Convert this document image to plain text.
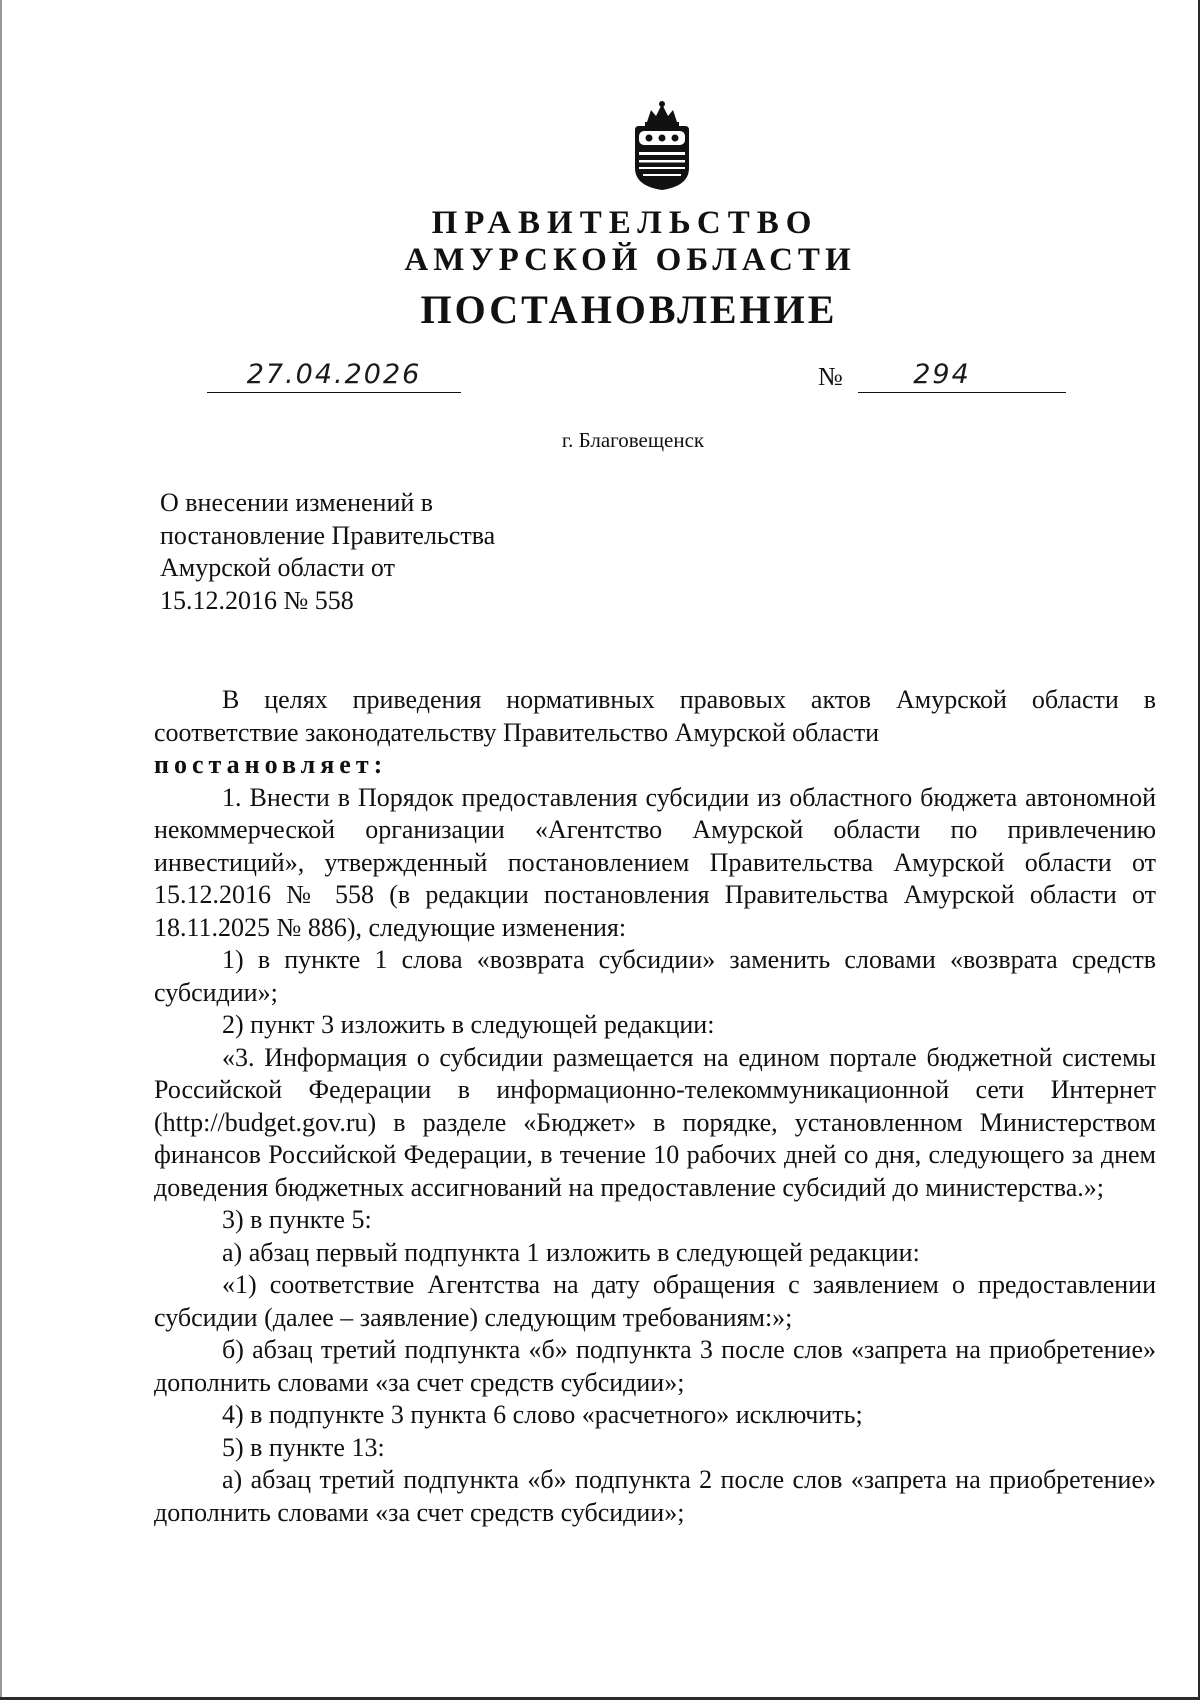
ПРАВИТЕЛЬСТВО
АМУРСКОЙ ОБЛАСТИ
ПОСТАНОВЛЕНИЕ
27.04.2026	№	294
г. Благовещенск
О внесении изменений в
постановление Правительства
Амурской области от
15.12.2016 № 558

В целях приведения нормативных правовых актов Амурской области в соответствие законодательству Правительство Амурской области

постановляет:

1. Внести в Порядок предоставления субсидии из областного бюджета автономной некоммерческой организации «Агентство Амурской области по привлечению инвестиций», утвержденный постановлением Правительства Амурской области от 15.12.2016 № 558 (в редакции постановления Правительства Амурской области от 18.11.2025 № 886), следующие изменения:

1) в пункте 1 слова «возврата субсидии» заменить словами «возврата средств субсидии»;

2) пункт 3 изложить в следующей редакции:

«3. Информация о субсидии размещается на едином портале бюджетной системы Российской Федерации в информационно-телекоммуникационной сети Интернет (http://budget.gov.ru) в разделе «Бюджет» в порядке, установленном Министерством финансов Российской Федерации, в течение 10 рабочих дней со дня, следующего за днем доведения бюджетных ассигнований на предоставление субсидий до министерства.»;

3) в пункте 5:

а) абзац первый подпункта 1 изложить в следующей редакции:

«1) соответствие Агентства на дату обращения с заявлением о предоставлении субсидии (далее – заявление) следующим требованиям:»;

б) абзац третий подпункта «б» подпункта 3 после слов «запрета на приобретение» дополнить словами «за счет средств субсидии»;

4) в подпункте 3 пункта 6 слово «расчетного» исключить;

5) в пункте 13:

а) абзац третий подпункта «б» подпункта 2 после слов «запрета на приобретение» дополнить словами «за счет средств субсидии»;
